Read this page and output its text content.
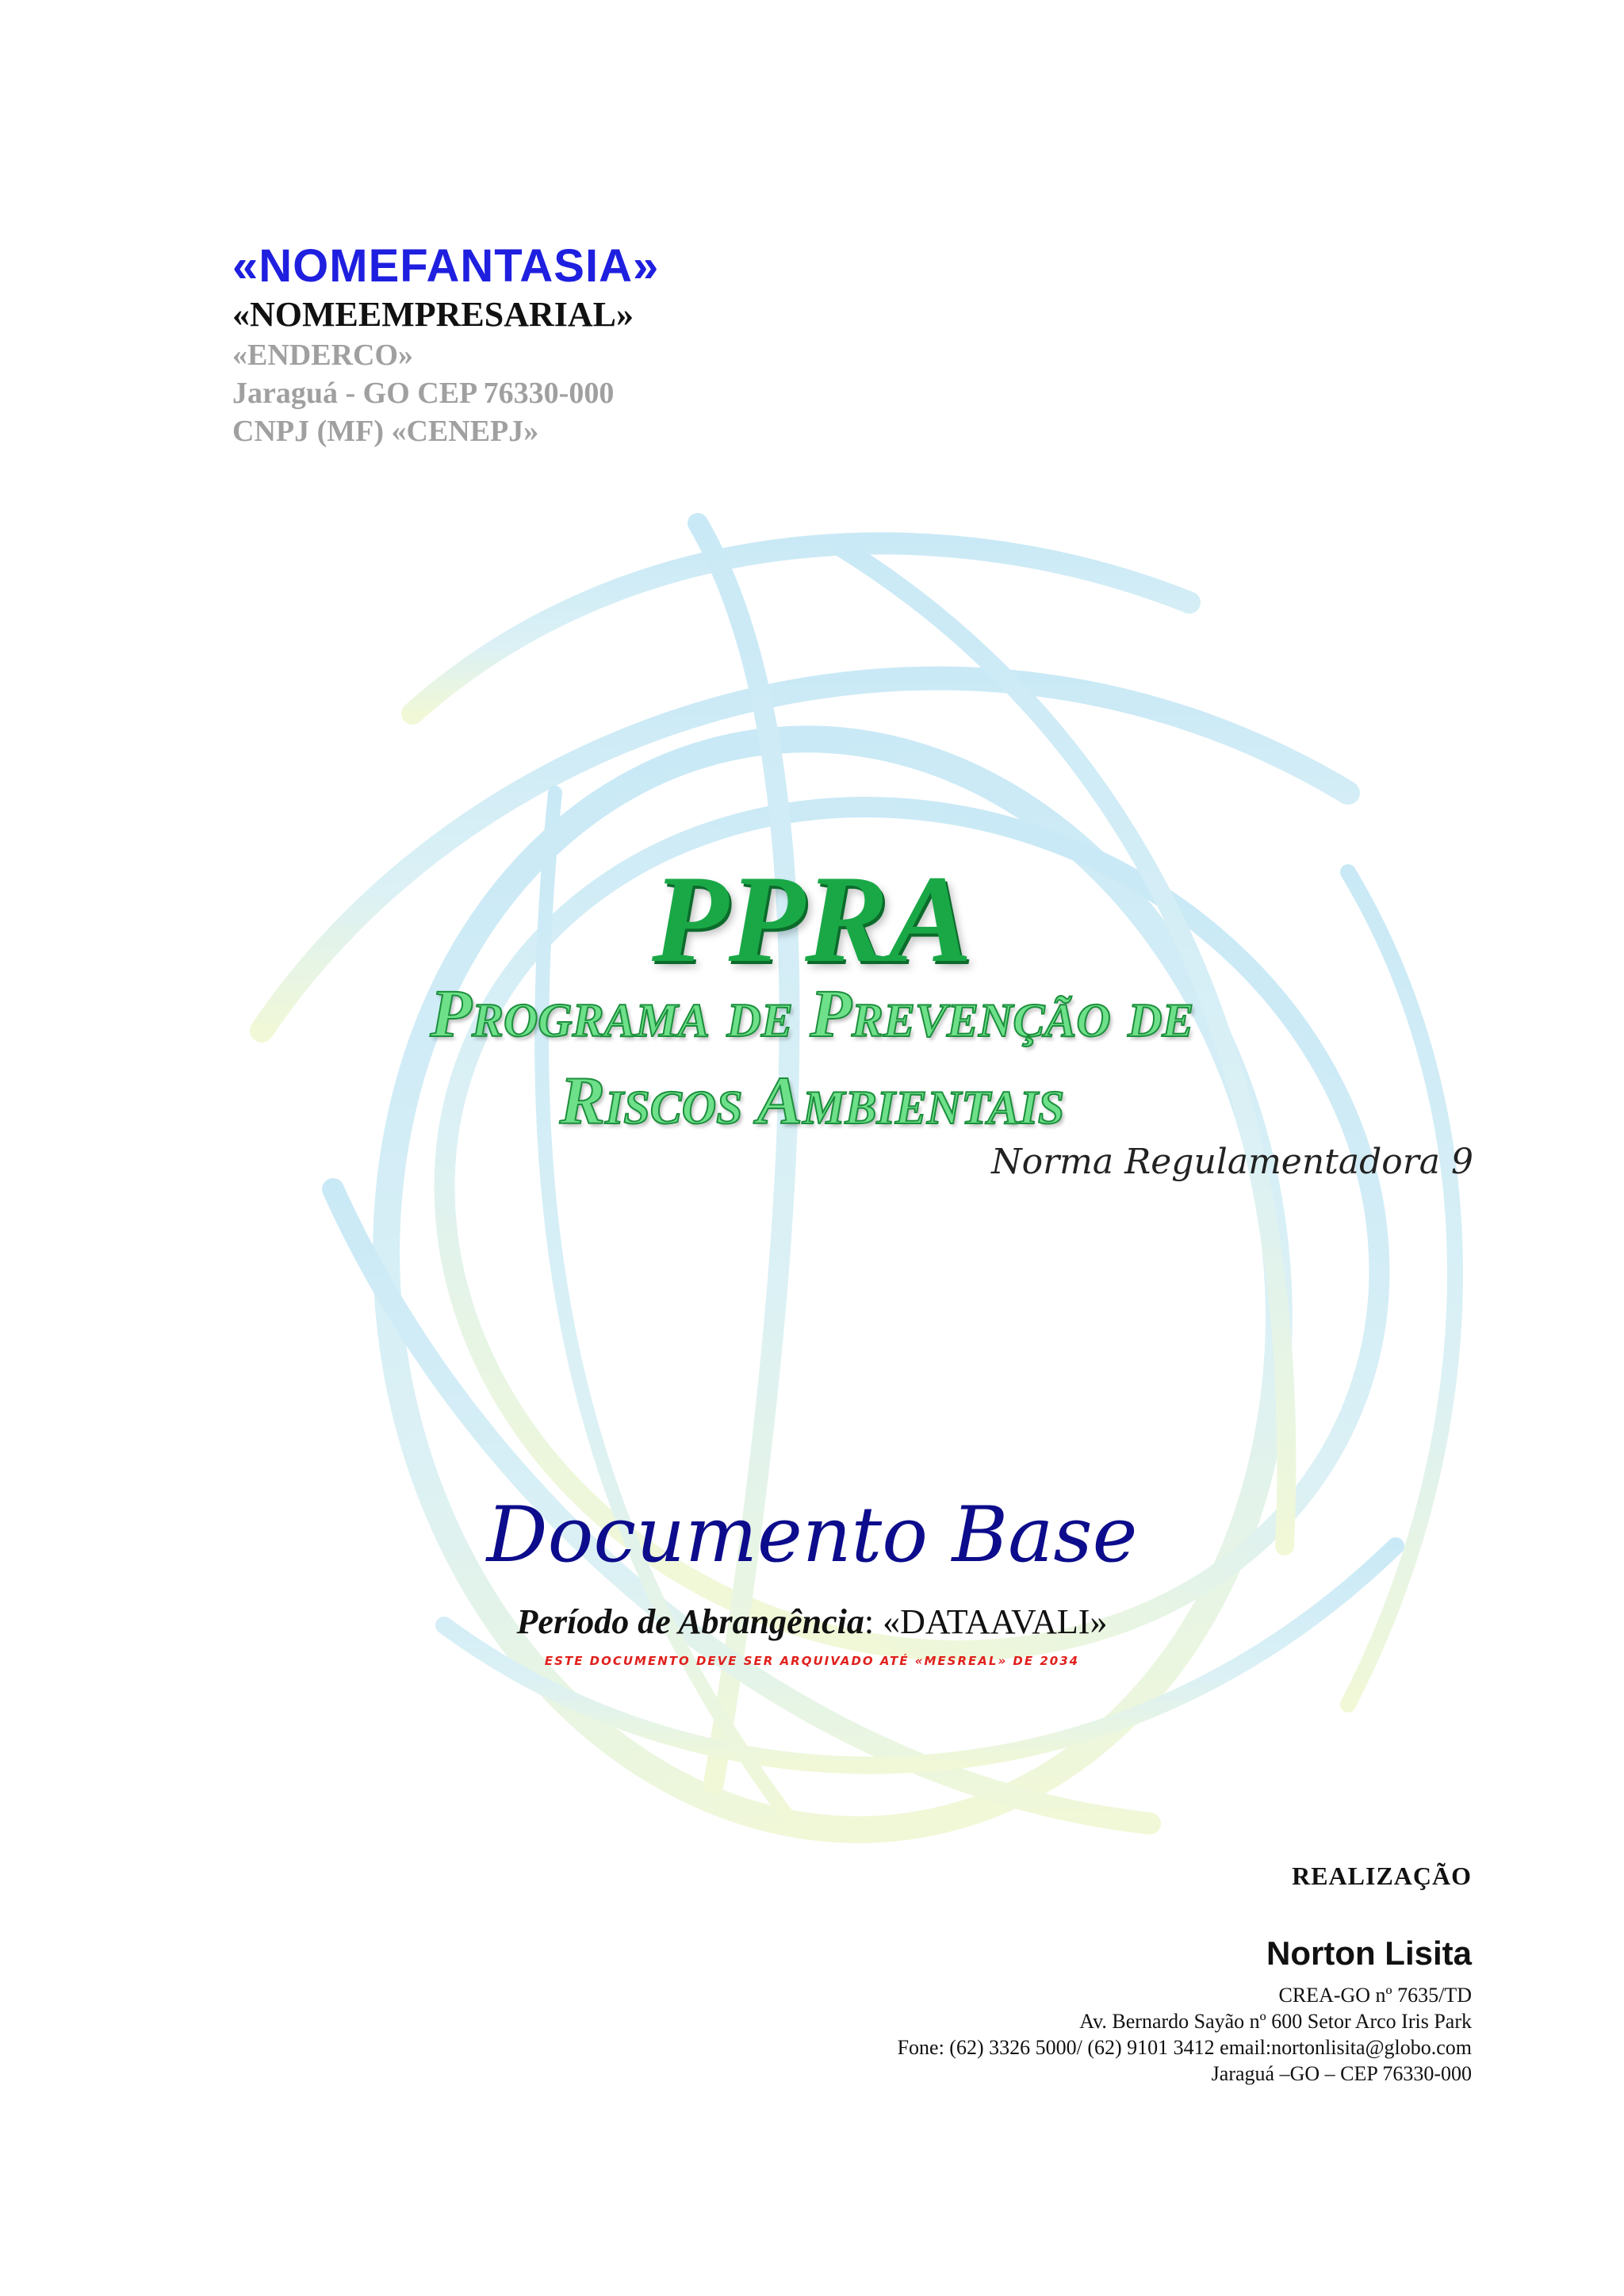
«NOMEFANTASIA»
«NOMEEMPRESARIAL»
«ENDERCO»
Jaraguá - GO CEP 76330-000
CNPJ (MF) «CENEPJ»
PPRA
Programa de Prevenção de
Riscos Ambientais
Norma Regulamentadora 9
Documento Base
Período de Abrangência: «DATAAVALI»
ESTE DOCUMENTO DEVE SER ARQUIVADO ATÉ «MESREAL» DE 2034
REALIZAÇÃO
Norton Lisita
CREA-GO nº 7635/TD
Av. Bernardo Sayão nº 600 Setor Arco Iris Park
Fone: (62) 3326 5000/ (62) 9101 3412 email:nortonlisita@globo.com
Jaraguá –GO – CEP 76330-000
